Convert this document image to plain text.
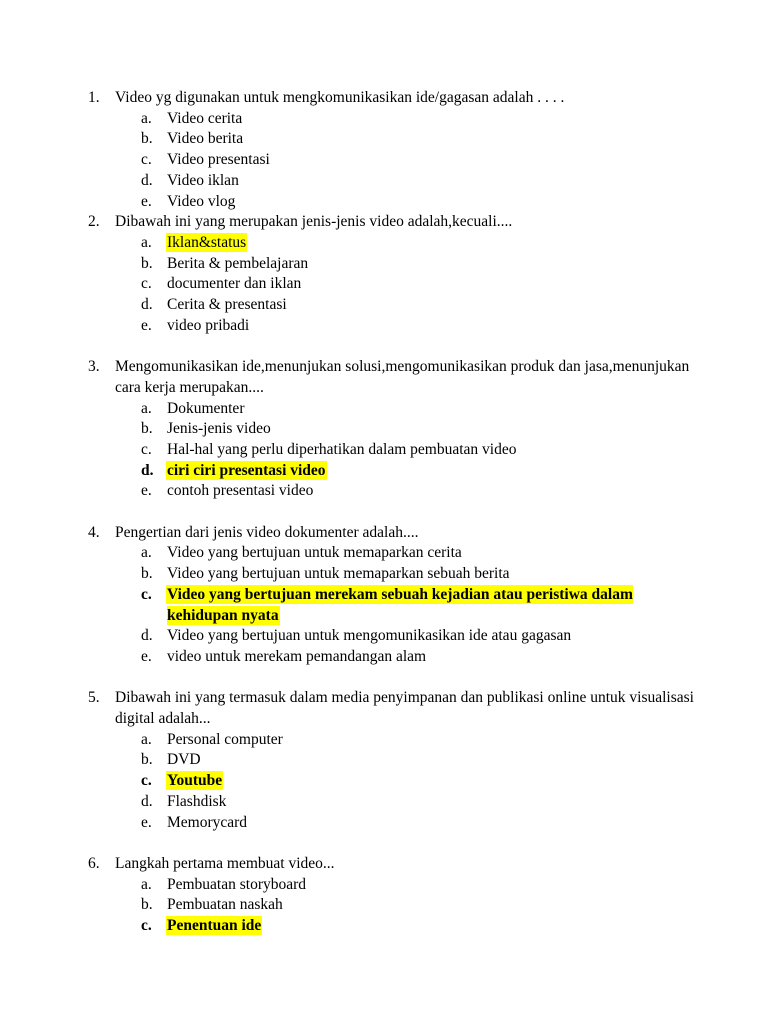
1. Video yg digunakan untuk mengkomunikasikan ide/gagasan adalah . . . .
a. Video cerita
b. Video berita
c. Video presentasi
d. Video iklan
e. Video vlog
2. Dibawah ini yang merupakan jenis-jenis video adalah,kecuali....
a. Iklan&status
b. Berita & pembelajaran
c. documenter dan iklan
d. Cerita & presentasi
e. video pribadi
3. Mengomunikasikan ide,menunjukan solusi,mengomunikasikan produk dan jasa,menunjukan cara kerja merupakan....
a. Dokumenter
b. Jenis-jenis video
c. Hal-hal yang perlu diperhatikan dalam pembuatan video
d. ciri ciri presentasi video
e. contoh presentasi video
4. Pengertian dari jenis video dokumenter adalah....
a. Video yang bertujuan untuk memaparkan cerita
b. Video yang bertujuan untuk memaparkan sebuah berita
c. Video yang bertujuan merekam sebuah kejadian atau peristiwa dalam kehidupan nyata
d. Video yang bertujuan untuk mengomunikasikan ide atau gagasan
e. video untuk merekam pemandangan alam
5. Dibawah ini yang termasuk dalam media penyimpanan dan publikasi online untuk visualisasi digital adalah...
a. Personal computer
b. DVD
c. Youtube
d. Flashdisk
e. Memorycard
6. Langkah pertama membuat video...
a. Pembuatan storyboard
b. Pembuatan naskah
c. Penentuan ide
